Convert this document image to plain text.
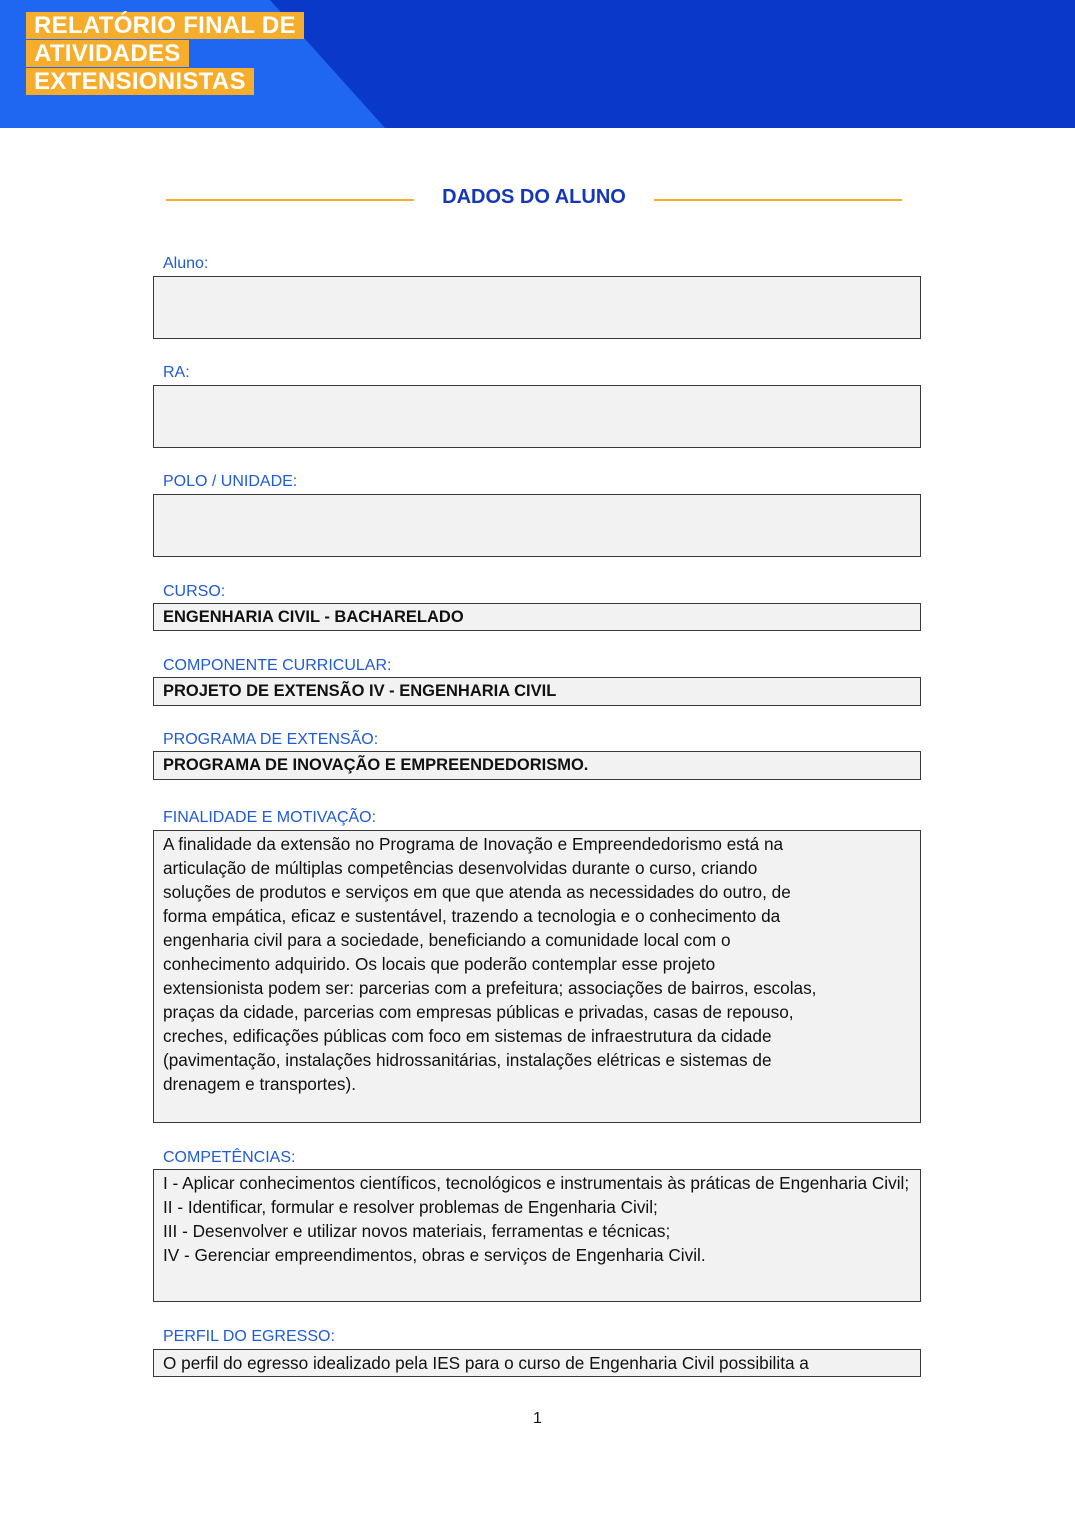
RELATÓRIO FINAL DE
ATIVIDADES
EXTENSIONISTAS
DADOS DO ALUNO
Aluno:
RA:
POLO / UNIDADE:
CURSO:
ENGENHARIA CIVIL - BACHARELADO
COMPONENTE CURRICULAR:
PROJETO DE EXTENSÃO IV - ENGENHARIA CIVIL
PROGRAMA DE EXTENSÃO:
PROGRAMA DE INOVAÇÃO E EMPREENDEDORISMO.
FINALIDADE E MOTIVAÇÃO:
A finalidade da extensão no Programa de Inovação e Empreendedorismo está na
articulação de múltiplas competências desenvolvidas durante o curso, criando
soluções de produtos e serviços em que que atenda as necessidades do outro, de
forma empática, eficaz e sustentável, trazendo a tecnologia e o conhecimento da
engenharia civil para a sociedade, beneficiando a comunidade local com o
conhecimento adquirido. Os locais que poderão contemplar esse projeto
extensionista podem ser: parcerias com a prefeitura; associações de bairros, escolas,
praças da cidade, parcerias com empresas públicas e privadas, casas de repouso,
creches, edificações públicas com foco em sistemas de infraestrutura da cidade
(pavimentação, instalações hidrossanitárias, instalações elétricas e sistemas de
drenagem e transportes).
COMPETÊNCIAS:
I - Aplicar conhecimentos científicos, tecnológicos e instrumentais às práticas de Engenharia Civil;
II - Identificar, formular e resolver problemas de Engenharia Civil;
III - Desenvolver e utilizar novos materiais, ferramentas e técnicas;
IV - Gerenciar empreendimentos, obras e serviços de Engenharia Civil.
PERFIL DO EGRESSO:
O perfil do egresso idealizado pela IES para o curso de Engenharia Civil possibilita a
1
